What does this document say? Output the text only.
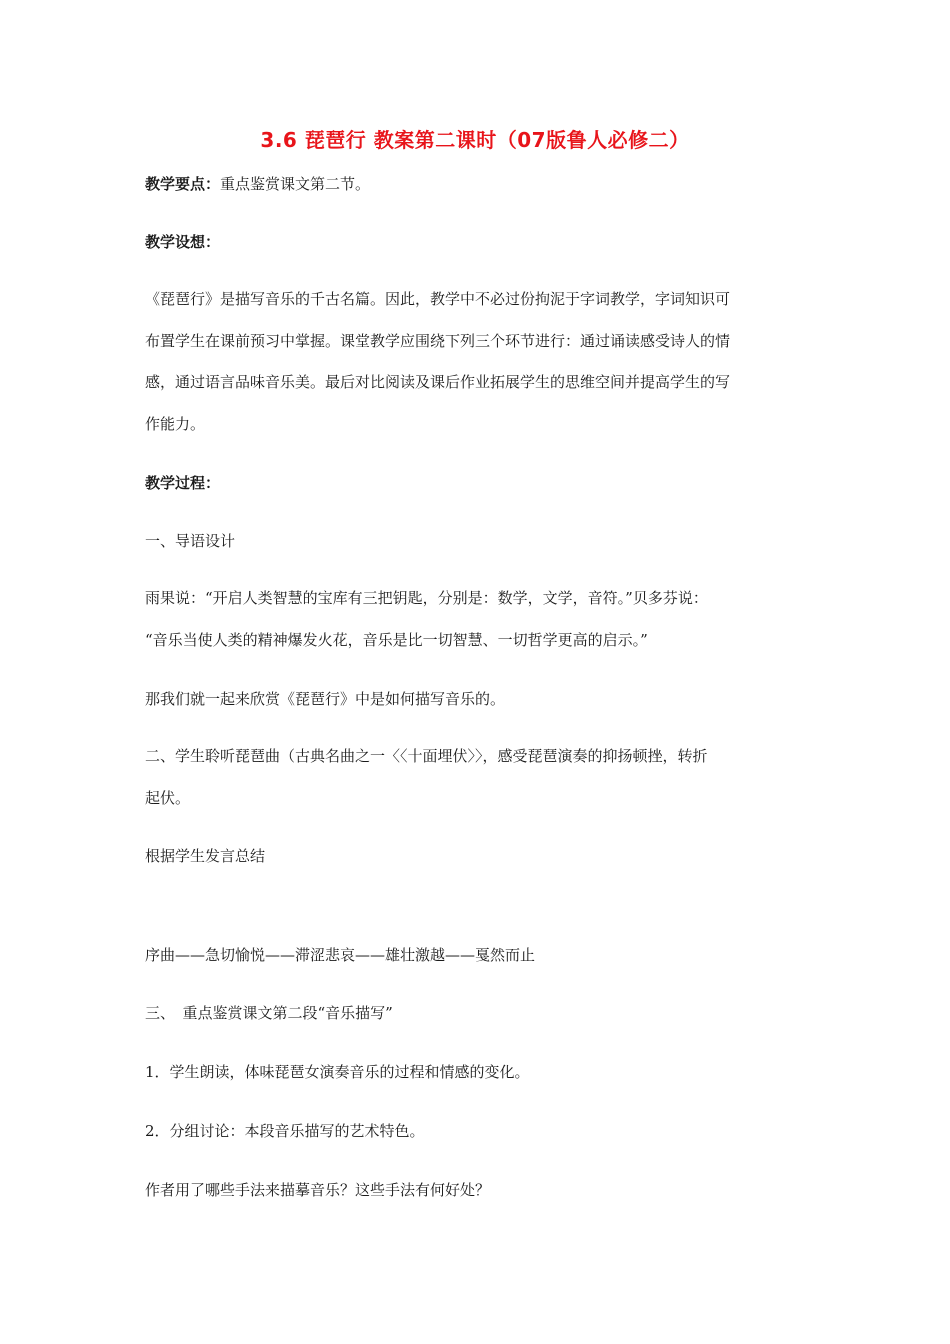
3.6 琵琶行 教案第二课时（07版鲁人必修二）
教学要点：重点鉴赏课文第二节。
教学设想：
《琵琶行》是描写音乐的千古名篇。因此，教学中不必过份拘泥于字词教学，字词知识可
布置学生在课前预习中掌握。课堂教学应围绕下列三个环节进行：通过诵读感受诗人的情
感，通过语言品味音乐美。最后对比阅读及课后作业拓展学生的思维空间并提高学生的写
作能力。
教学过程：
一、导语设计
雨果说：“开启人类智慧的宝库有三把钥匙，分别是：数学，文学，音符。”贝多芬说：
“音乐当使人类的精神爆发火花，音乐是比一切智慧、一切哲学更高的启示。”
那我们就一起来欣赏《琵琶行》中是如何描写音乐的。
二、学生聆听琵琶曲（古典名曲之一〈〈十面埋伏〉〉，感受琵琶演奏的抑扬顿挫，转折
起伏。
根据学生发言总结
序曲——急切愉悦——滞涩悲哀——雄壮激越——戛然而止
三、　重点鉴赏课文第二段“音乐描写”
1．学生朗读，体味琵琶女演奏音乐的过程和情感的变化。
2．分组讨论：本段音乐描写的艺术特色。
作者用了哪些手法来描摹音乐？这些手法有何好处？
